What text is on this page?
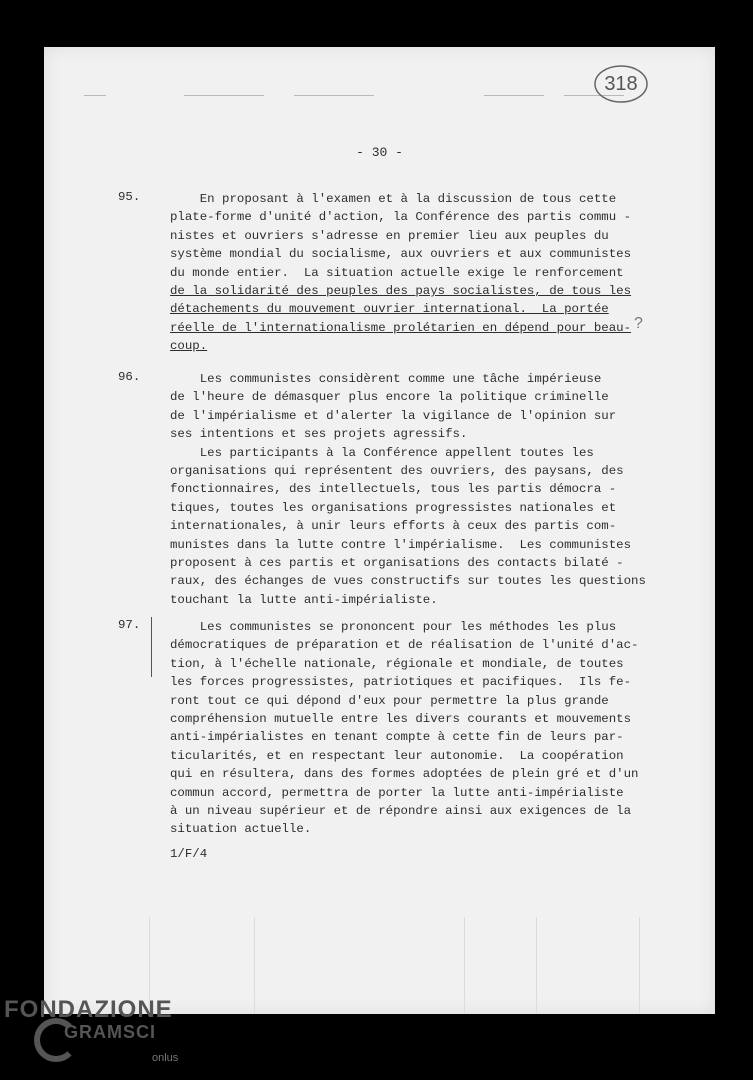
318
- 30 -
95. En proposant à l'examen et à la discussion de tous cette
plate-forme d'unité d'action, la Conférence des partis commu -
nistes et ouvriers s'adresse en premier lieu aux peuples du
système mondial du socialisme, aux ouvriers et aux communistes
du monde entier.  La situation actuelle exige le renforcement
de la solidarité des peuples des pays socialistes, de tous les
détachements du mouvement ouvrier international.  La portée
réelle de l'internationalisme prolétarien en dépend pour beau-
coup.
?
96. Les communistes considèrent comme une tâche impérieuse
de l'heure de démasquer plus encore la politique criminelle
de l'impérialisme et d'alerter la vigilance de l'opinion sur
ses intentions et ses projets agressifs.
Les participants à la Conférence appellent toutes les
organisations qui représentent des ouvriers, des paysans, des
fonctionnaires, des intellectuels, tous les partis démocra -
tiques, toutes les organisations progressistes nationales et
internationales, à unir leurs efforts à ceux des partis com-
munistes dans la lutte contre l'impérialisme.  Les communistes
proposent à ces partis et organisations des contacts bilaté -
raux, des échanges de vues constructifs sur toutes les questions
touchant la lutte anti-impérialiste.
97. Les communistes se prononcent pour les méthodes les plus
démocratiques de préparation et de réalisation de l'unité d'ac-
tion, à l'échelle nationale, régionale et mondiale, de toutes
les forces progressistes, patriotiques et pacifiques.  Ils fe-
ront tout ce qui dépond d'eux pour permettre la plus grande
compréhension mutuelle entre les divers courants et mouvements
anti-impérialistes en tenant compte à cette fin de leurs par-
ticularités, et en respectant leur autonomie.  La coopération
qui en résultera, dans des formes adoptées de plein gré et d'un
commun accord, permettra de porter la lutte anti-impérialiste
à un niveau supérieur et de répondre ainsi aux exigences de la
situation actuelle.
1/F/4
FONDAZIONE
GRAMSCI
onlus
